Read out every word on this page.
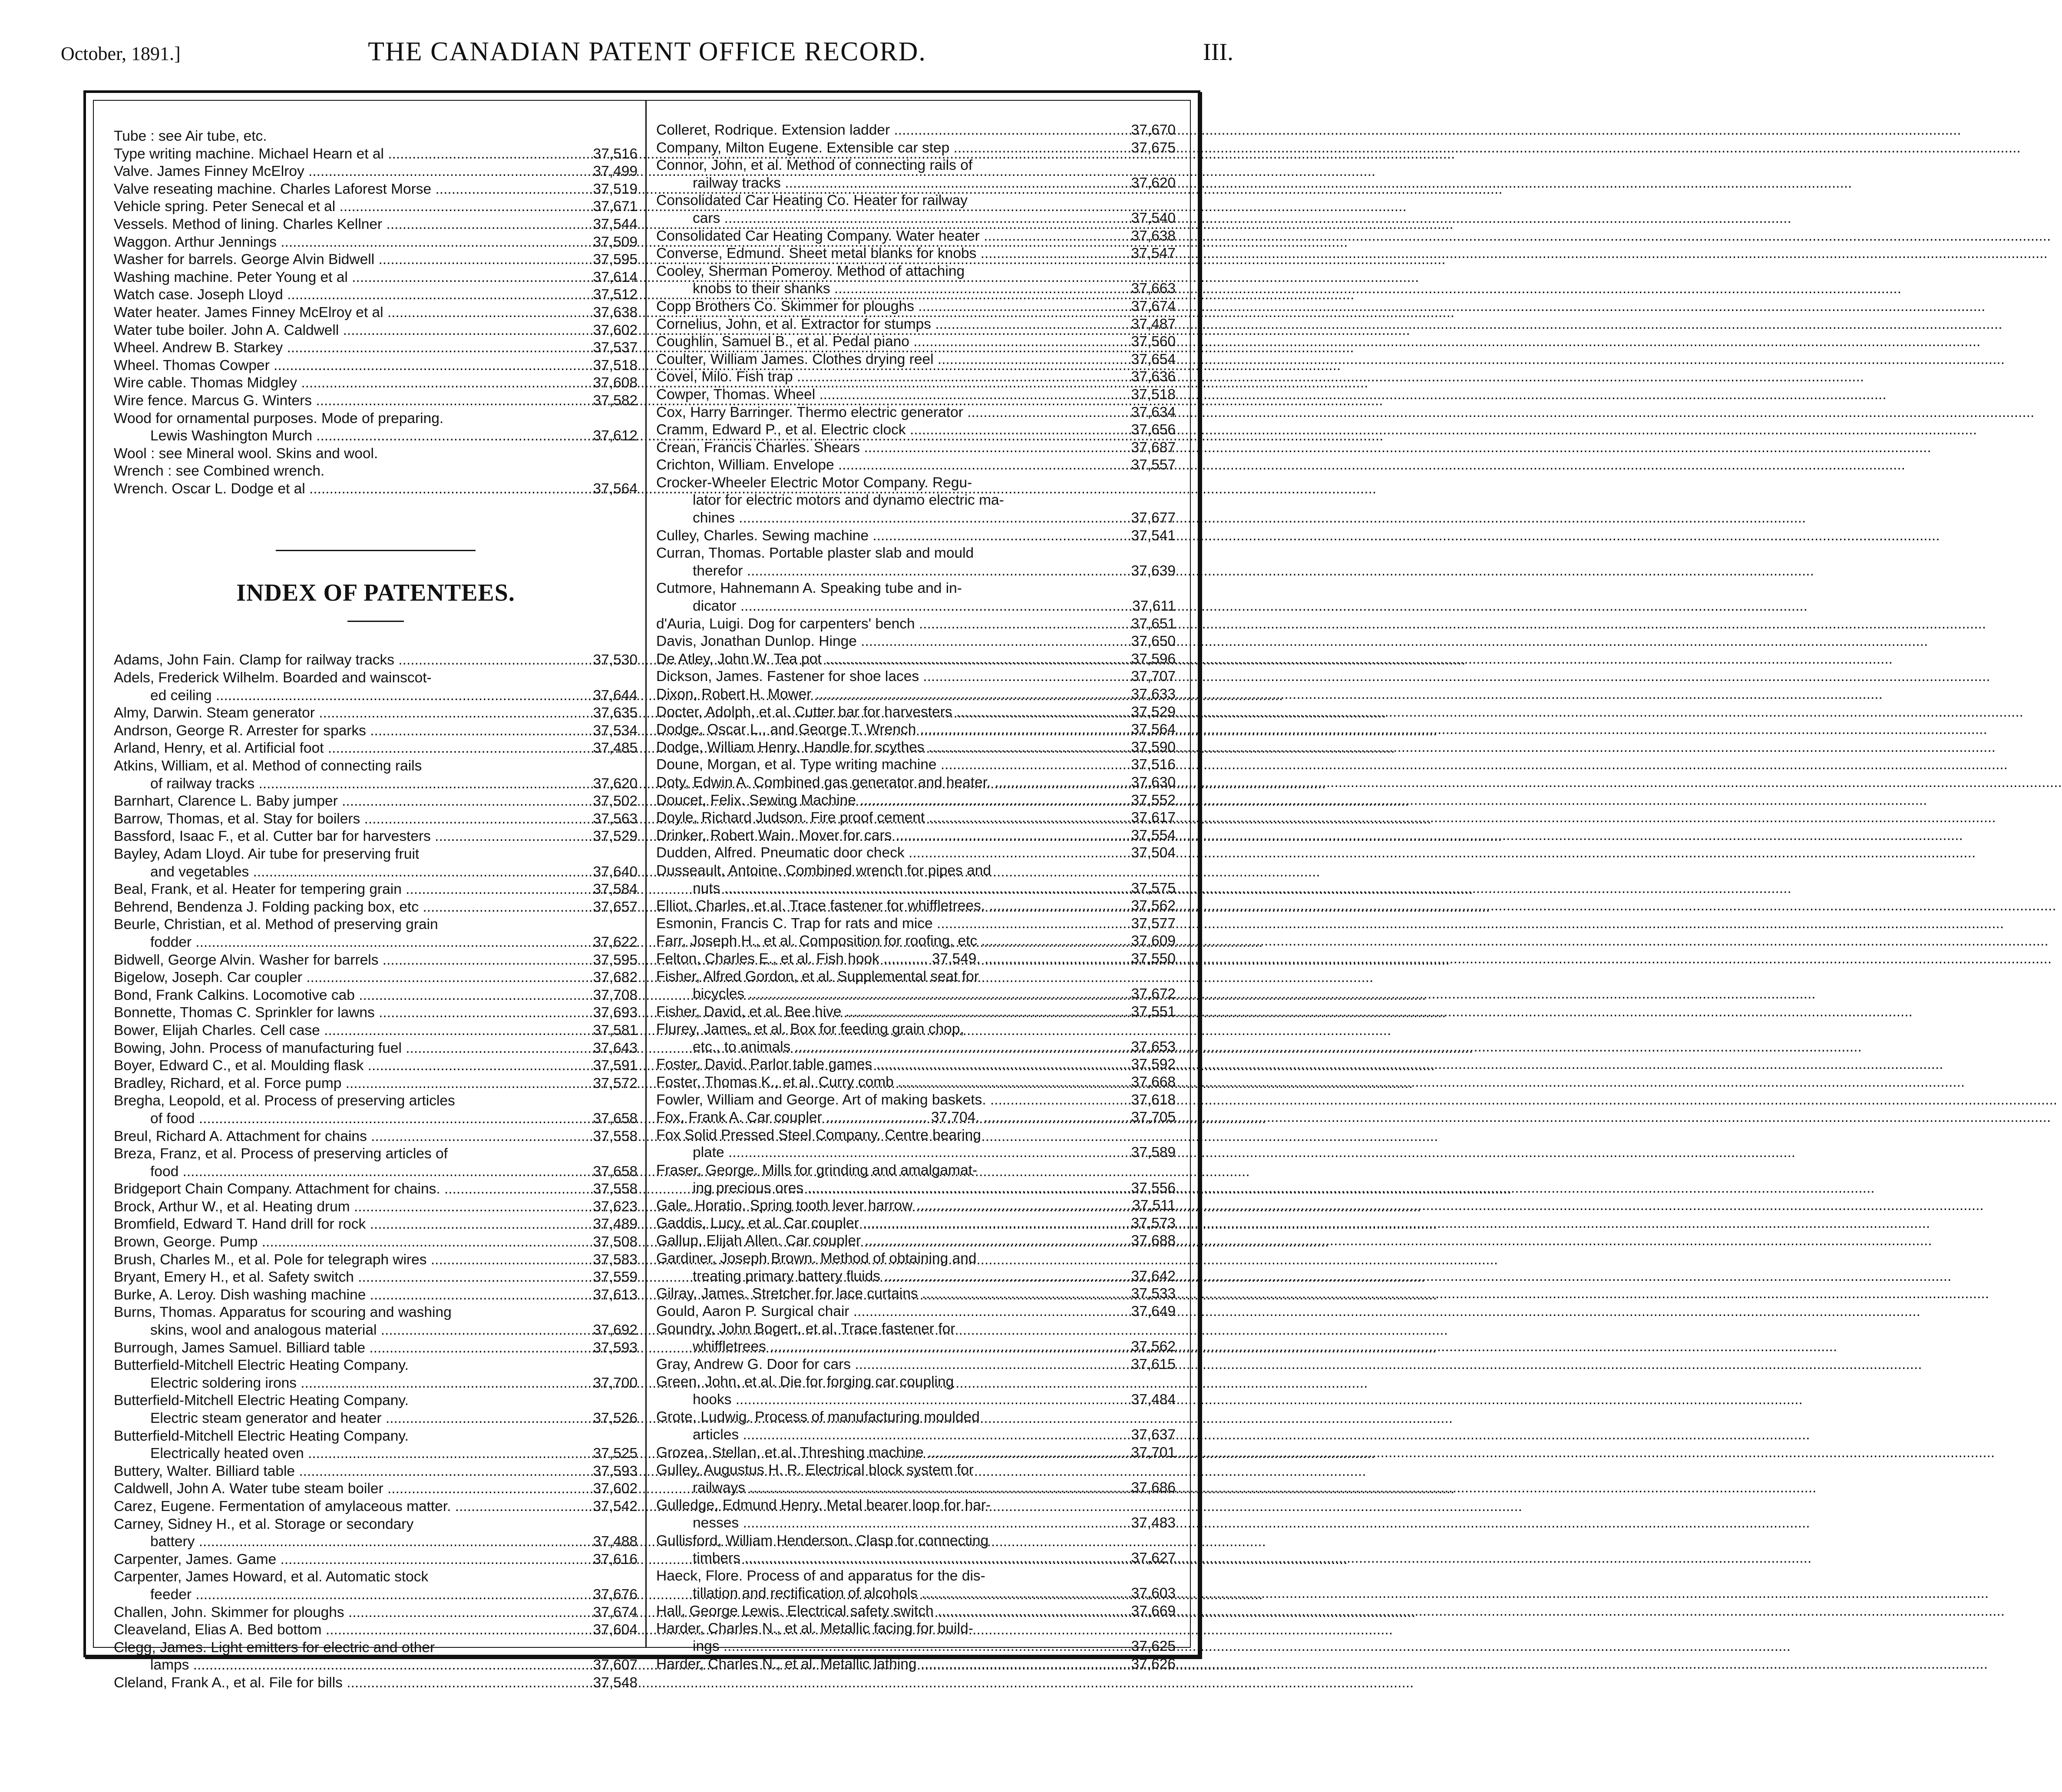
October, 1891.]	THE CANADIAN PATENT OFFICE RECORD.	III.
Tube : see Air tube, etc.
Type writing machine. Michael Hearn et al .....	37,516
Valve. James Finney McElroy .....	37,499
Valve reseating machine. Charles Laforest Morse .....	37,519
Vehicle spring. Peter Senecal et al .....	37,671
Vessels. Method of lining. Charles Kellner .....	37,544
Waggon. Arthur Jennings .....	37,509
Washer for barrels. George Alvin Bidwell .....	37,595
Washing machine. Peter Young et al .....	37,614
Watch case. Joseph Lloyd .....	37,512
Water heater. James Finney McElroy et al .....	37,638
Water tube boiler. John A. Caldwell .....	37,602
Wheel. Andrew B. Starkey .....	37,537
Wheel. Thomas Cowper .....	37,518
Wire cable. Thomas Midgley .....	37,608
Wire fence. Marcus G. Winters .....	37,582
Wood for ornamental purposes. Mode of preparing.
Lewis Washington Murch .....	37,612
Wool : see Mineral wool. Skins and wool.
Wrench : see Combined wrench.
Wrench. Oscar L. Dodge et al .....	37,564
INDEX OF PATENTEES.
Adams, John Fain. Clamp for railway tracks .....	37,530
Adels, Frederick Wilhelm. Boarded and wainscot-
ed ceiling .....	37,644
Almy, Darwin. Steam generator .....	37,635
Andrson, George R. Arrester for sparks .....	37,534
Arland, Henry, et al. Artificial foot .....	37,485
Atkins, William, et al. Method of connecting rails
of railway tracks .....	37,620
Barnhart, Clarence L. Baby jumper .....	37,502
Barrow, Thomas, et al. Stay for boilers .....	37,563
Bassford, Isaac F., et al. Cutter bar for harvesters .....	37,529
Bayley, Adam Lloyd. Air tube for preserving fruit
and vegetables .....	37,640
Beal, Frank, et al. Heater for tempering grain .....	37,584
Behrend, Bendenza J. Folding packing box, etc .....	37,657
Beurle, Christian, et al. Method of preserving grain
fodder .....	37,622
Bidwell, George Alvin. Washer for barrels .....	37,595
Bigelow, Joseph. Car coupler .....	37,682
Bond, Frank Calkins. Locomotive cab .....	37,708
Bonnette, Thomas C. Sprinkler for lawns .....	37,693
Bower, Elijah Charles. Cell case .....	37,581
Bowing, John. Process of manufacturing fuel .....	37,643
Boyer, Edward C., et al. Moulding flask .....	37,591
Bradley, Richard, et al. Force pump .....	37,572
Bregha, Leopold, et al. Process of preserving articles
of food .....	37,658
Breul, Richard A. Attachment for chains .....	37,558
Breza, Franz, et al. Process of preserving articles of
food .....	37,658
Bridgeport Chain Company. Attachment for chains. .....	37,558
Brock, Arthur W., et al. Heating drum .....	37,623
Bromfield, Edward T. Hand drill for rock .....	37,489
Brown, George. Pump .....	37,508
Brush, Charles M., et al. Pole for telegraph wires .....	37,583
Bryant, Emery H., et al. Safety switch .....	37,559
Burke, A. Leroy. Dish washing machine .....	37,613
Burns, Thomas. Apparatus for scouring and washing
skins, wool and analogous material .....	37,692
Burrough, James Samuel. Billiard table .....	37,593
Butterfield-Mitchell Electric Heating Company.
Electric soldering irons .....	37,700
Butterfield-Mitchell Electric Heating Company.
Electric steam generator and heater .....	37,526
Butterfield-Mitchell Electric Heating Company.
Electrically heated oven .....	37,525
Buttery, Walter. Billiard table .....	37,593
Caldwell, John A. Water tube steam boiler .....	37,602
Carez, Eugene. Fermentation of amylaceous matter. .....	37,542
Carney, Sidney H., et al. Storage or secondary
battery .....	37,488
Carpenter, James. Game .....	37,616
Carpenter, James Howard, et al. Automatic stock
feeder .....	37,676
Challen, John. Skimmer for ploughs .....	37,674
Cleaveland, Elias A. Bed bottom .....	37,604
Clegg, James. Light emitters for electric and other
lamps .....	37,607
Cleland, Frank A., et al. File for bills .....	37,548
Colleret, Rodrique. Extension ladder .....	37,670
Company, Milton Eugene. Extensible car step .....	37,675
Connor, John, et al. Method of connecting rails of
railway tracks .....	37,620
Consolidated Car Heating Co. Heater for railway
cars .....	37,540
Consolidated Car Heating Company. Water heater .....	37,638
Converse, Edmund. Sheet metal blanks for knobs .....	37,547
Cooley, Sherman Pomeroy. Method of attaching
knobs to their shanks .....	37,663
Copp Brothers Co. Skimmer for ploughs .....	37,674
Cornelius, John, et al. Extractor for stumps .....	37,487
Coughlin, Samuel B., et al. Pedal piano .....	37,560
Coulter, William James. Clothes drying reel .....	37,654
Covel, Milo. Fish trap .....	37,636
Cowper, Thomas. Wheel .....	37,518
Cox, Harry Barringer. Thermo electric generator .....	37,634
Cramm, Edward P., et al. Electric clock .....	37,656
Crean, Francis Charles. Shears .....	37,687
Crichton, William. Envelope .....	37,557
Crocker-Wheeler Electric Motor Company. Regu-
lator for electric motors and dynamo electric ma-
chines .....	37,677
Culley, Charles. Sewing machine .....	37,541
Curran, Thomas. Portable plaster slab and mould
therefor .....	37,639
Cutmore, Hahnemann A. Speaking tube and in-
dicator .....	37,611
d'Auria, Luigi. Dog for carpenters' bench .....	37,651
Davis, Jonathan Dunlop. Hinge .....	37,650
De Atley, John W. Tea pot .....	37,596
Dickson, James. Fastener for shoe laces .....	37,707
Dixon, Robert H. Mower .....	37,633
Docter, Adolph, et al. Cutter bar for harvesters .....	37,529
Dodge, Oscar L., and George T. Wrench .....	37,564
Dodge, William Henry. Handle for scythes .....	37,590
Doune, Morgan, et al. Type writing machine .....	37,516
Doty, Edwin A. Combined gas generator and heater. .....	37,630
Doucet, Felix. Sewing Machine .....	37,552
Doyle, Richard Judson. Fire proof cement .....	37,617
Drinker, Robert Wain. Mover for cars .....	37,554
Dudden, Alfred. Pneumatic door check .....	37,504
Dusseault, Antoine. Combined wrench for pipes and
nuts .....	37,575
Elliot, Charles, et al. Trace fastener for whiffletrees. .....	37,562
Esmonin, Francis C. Trap for rats and mice .....	37,577
Farr, Joseph H., et al. Composition for roofing, etc .....	37,609
Felton, Charles E., et al. Fish hook ........... 37,549. .....	37,550
Fisher, Alfred Gordon, et al. Supplemental seat for
bicycles .....	37,672
Fisher, David, et al. Bee hive .....	37,551
Flurey, James, et al. Box for feeding grain chop,
etc., to animals .....	37,653
Foster, David. Parlor table games .....	37,592
Foster, Thomas K., et al. Curry comb .....	37,668
Fowler, William and George. Art of making baskets. .....	37,618
Fox, Frank A. Car coupler ......................... 37,704. .....	37,705
Fox Solid Pressed Steel Company. Centre bearing
plate .....	37,589
Fraser, George. Mills for grinding and amalgamat-
ing precious ores .....	37,556
Gale, Horatio. Spring tooth lever harrow .....	37,511
Gaddis, Lucy, et al. Car coupler .....	37,573
Gallup, Elijah Allen. Car coupler .....	37,688
Gardiner, Joseph Brown. Method of obtaining and
treating primary battery fluids .....	37,642
Gilray, James. Stretcher for lace curtains .....	37,533
Gould, Aaron P. Surgical chair .....	37,649
Goundry, John Bogert, et al. Trace fastener for
whiffletrees .....	37,562
Gray, Andrew G. Door for cars .....	37,615
Green, John, et al. Die for forging car coupling
hooks .....	37,484
Grote, Ludwig. Process of manufacturing moulded
articles .....	37,637
Grozea, Stellan, et al. Threshing machine .....	37,701
Gulley, Augustus H. R. Electrical block system for
railways .....	37,686
Gulledge, Edmund Henry. Metal bearer loop for har-
nesses .....	37,483
Gullisford, William Henderson. Clasp for connecting
timbers .....	37,627
Haeck, Flore. Process of and apparatus for the dis-
tillation and rectification of alcohols .....	37,603
Hall, George Lewis. Electrical safety switch .....	37,669
Harder, Charles N., et al. Metallic facing for build-
ings .....	37,625
Harder, Charles N., et al. Metallic lathing .....	37,626
